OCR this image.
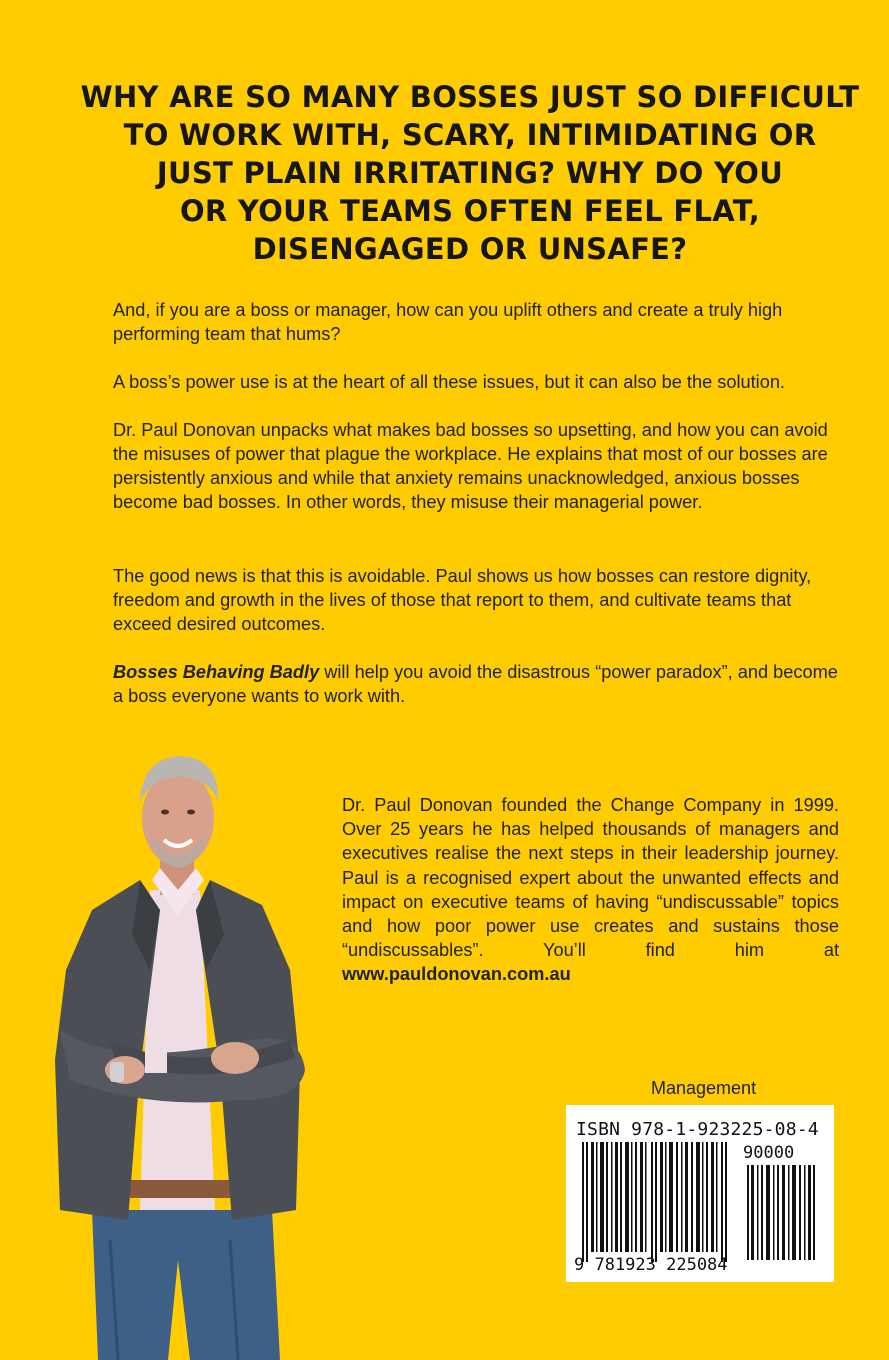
WHY ARE SO MANY BOSSES JUST SO DIFFICULT
TO WORK WITH, SCARY, INTIMIDATING OR
JUST PLAIN IRRITATING? WHY DO YOU
OR YOUR TEAMS OFTEN FEEL FLAT,
DISENGAGED OR UNSAFE?

And, if you are a boss or manager, how can you uplift others and create a truly high performing team that hums?

A boss’s power use is at the heart of all these issues, but it can also be the solution.

Dr. Paul Donovan unpacks what makes bad bosses so upsetting, and how you can avoid the misuses of power that plague the workplace. He explains that most of our bosses are persistently anxious and while that anxiety remains unacknowledged, anxious bosses become bad bosses. In other words, they misuse their managerial power.

The good news is that this is avoidable. Paul shows us how bosses can restore dignity, freedom and growth in the lives of those that report to them, and cultivate teams that exceed desired outcomes.

Bosses Behaving Badly will help you avoid the disastrous “power paradox”, and become a boss everyone wants to work with.

Dr. Paul Donovan founded the Change Company in 1999. Over 25 years he has helped thousands of managers and executives realise the next steps in their leadership journey. Paul is a recognised expert about the unwanted effects and impact on executive teams of having “undiscussable” topics and how poor power use creates and sustains those “undiscussables”. You’ll find him at www.pauldonovan.com.au
Management
ISBN 978-1-923225-08-4
90000
9 781923 225084
